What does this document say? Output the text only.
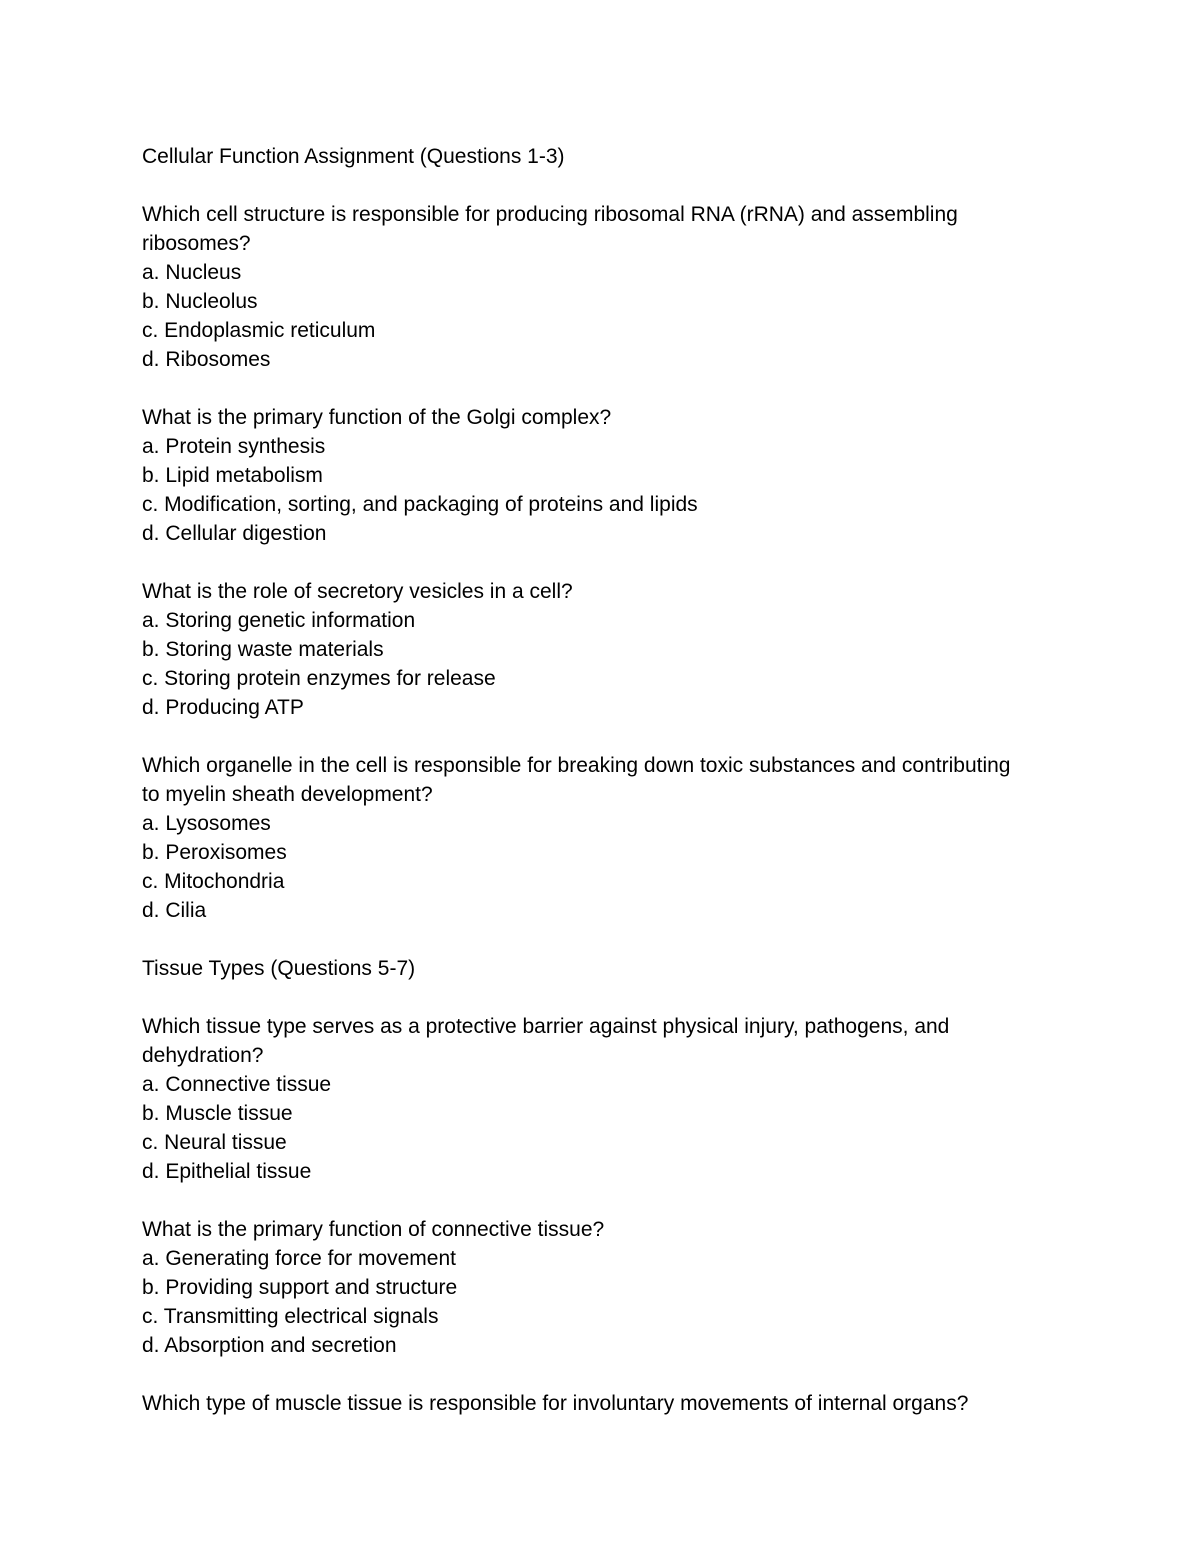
Cellular Function Assignment (Questions 1-3)
Which cell structure is responsible for producing ribosomal RNA (rRNA) and assembling
ribosomes?
a. Nucleus
b. Nucleolus
c. Endoplasmic reticulum
d. Ribosomes
What is the primary function of the Golgi complex?
a. Protein synthesis
b. Lipid metabolism
c. Modification, sorting, and packaging of proteins and lipids
d. Cellular digestion
What is the role of secretory vesicles in a cell?
a. Storing genetic information
b. Storing waste materials
c. Storing protein enzymes for release
d. Producing ATP
Which organelle in the cell is responsible for breaking down toxic substances and contributing
to myelin sheath development?
a. Lysosomes
b. Peroxisomes
c. Mitochondria
d. Cilia
Tissue Types (Questions 5-7)
Which tissue type serves as a protective barrier against physical injury, pathogens, and
dehydration?
a. Connective tissue
b. Muscle tissue
c. Neural tissue
d. Epithelial tissue
What is the primary function of connective tissue?
a. Generating force for movement
b. Providing support and structure
c. Transmitting electrical signals
d. Absorption and secretion
Which type of muscle tissue is responsible for involuntary movements of internal organs?
